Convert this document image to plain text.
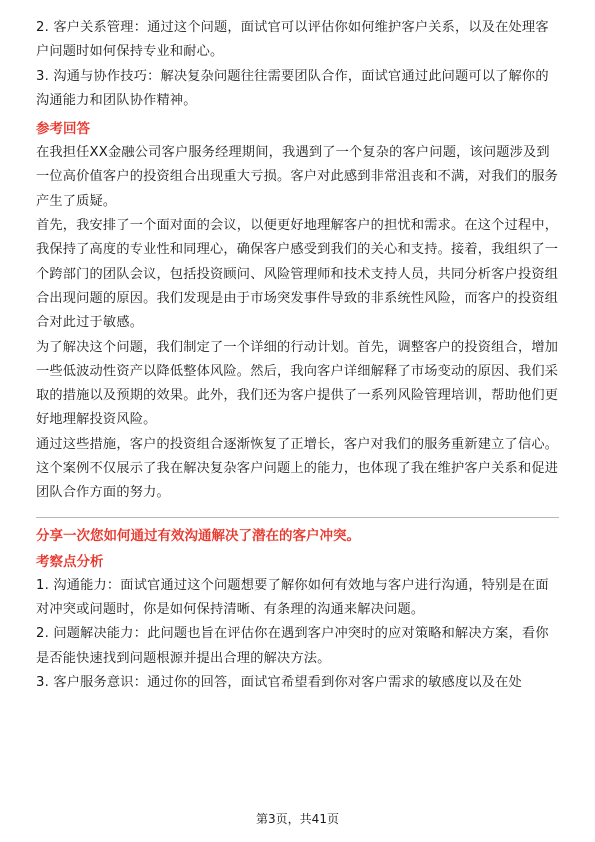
2. 客户关系管理：通过这个问题，面试官可以评估你如何维护客户关系，以及在处理客户问题时如何保持专业和耐心。

3. 沟通与协作技巧：解决复杂问题往往需要团队合作，面试官通过此问题可以了解你的沟通能力和团队协作精神。

参考回答

在我担任XX金融公司客户服务经理期间，我遇到了一个复杂的客户问题，该问题涉及到一位高价值客户的投资组合出现重大亏损。客户对此感到非常沮丧和不满，对我们的服务产生了质疑。

首先，我安排了一个面对面的会议，以便更好地理解客户的担忧和需求。在这个过程中，我保持了高度的专业性和同理心，确保客户感受到我们的关心和支持。接着，我组织了一个跨部门的团队会议，包括投资顾问、风险管理师和技术支持人员，共同分析客户投资组合出现问题的原因。我们发现是由于市场突发事件导致的非系统性风险，而客户的投资组合对此过于敏感。

为了解决这个问题，我们制定了一个详细的行动计划。首先，调整客户的投资组合，增加一些低波动性资产以降低整体风险。然后，我向客户详细解释了市场变动的原因、我们采取的措施以及预期的效果。此外，我们还为客户提供了一系列风险管理培训，帮助他们更好地理解投资风险。

通过这些措施，客户的投资组合逐渐恢复了正增长，客户对我们的服务重新建立了信心。这个案例不仅展示了我在解决复杂客户问题上的能力，也体现了我在维护客户关系和促进团队合作方面的努力。

分享一次您如何通过有效沟通解决了潜在的客户冲突。

考察点分析

1. 沟通能力：面试官通过这个问题想要了解你如何有效地与客户进行沟通，特别是在面对冲突或问题时，你是如何保持清晰、有条理的沟通来解决问题。

2. 问题解决能力：此问题也旨在评估你在遇到客户冲突时的应对策略和解决方案，看你是否能快速找到问题根源并提出合理的解决方法。

3. 客户服务意识：通过你的回答，面试官希望看到你对客户需求的敏感度以及在处

第3页，共41页
